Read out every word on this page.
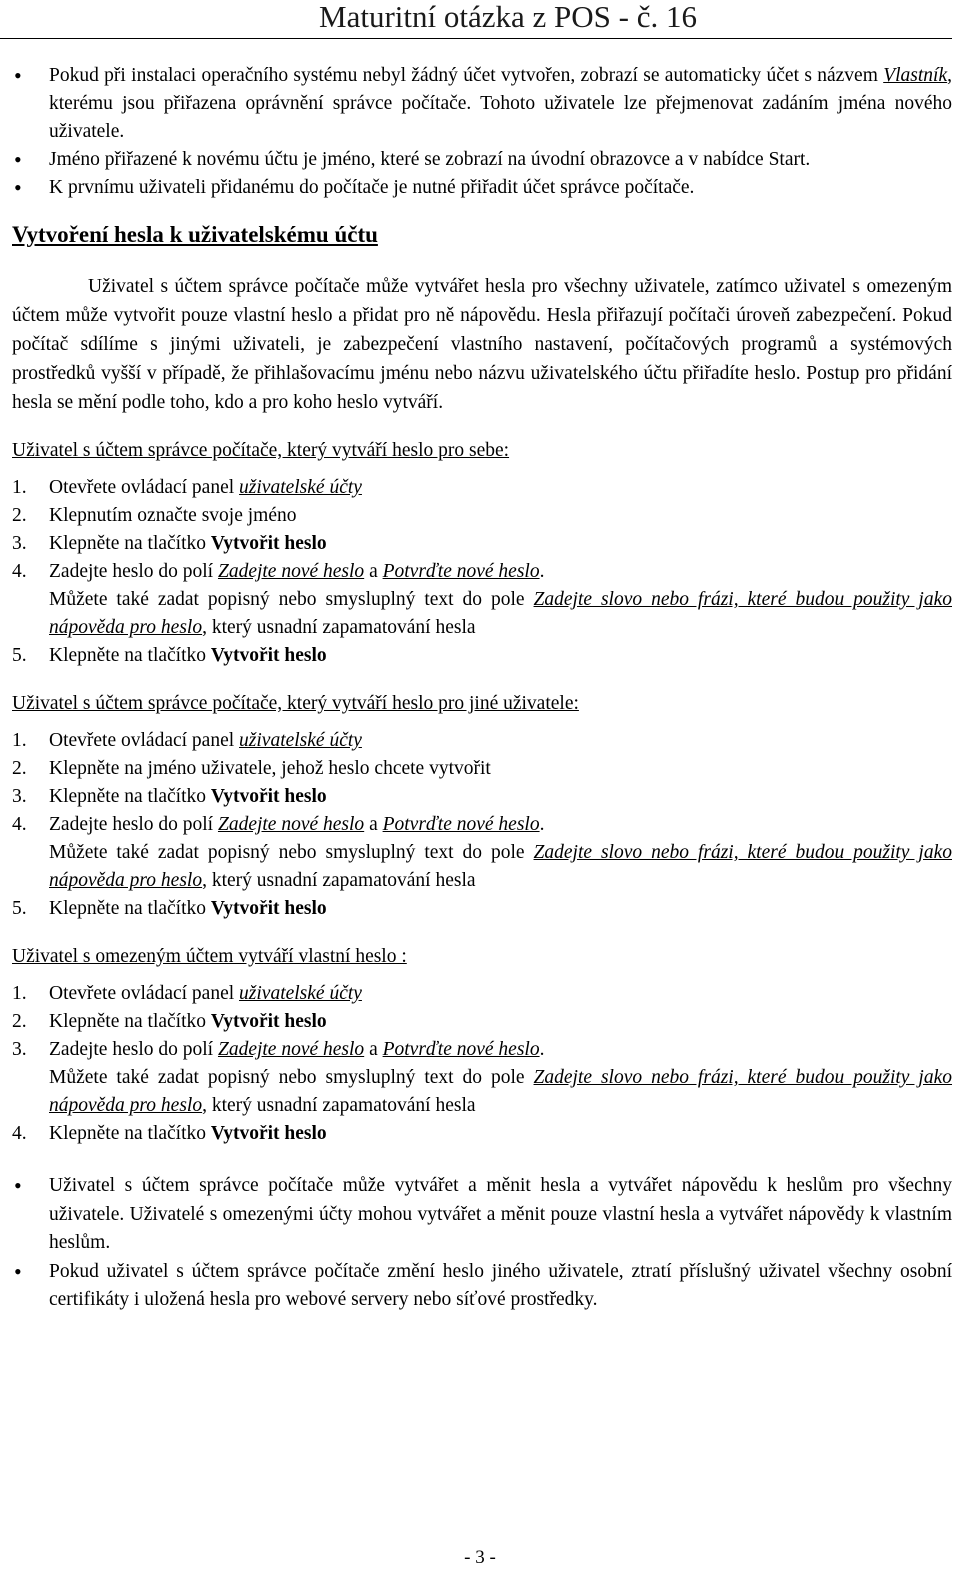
Maturitní otázka z POS - č. 16
• Pokud při instalaci operačního systému nebyl žádný účet vytvořen, zobrazí se automaticky účet s názvem Vlastník, kterému jsou přiřazena oprávnění správce počítače. Tohoto uživatele lze přejmenovat zadáním jména nového uživatele.
• Jméno přiřazené k novému účtu je jméno, které se zobrazí na úvodní obrazovce a v nabídce Start.
• K prvnímu uživateli přidanému do počítače je nutné přiřadit účet správce počítače.
Vytvoření hesla k uživatelskému účtu

Uživatel s účtem správce počítače může vytvářet hesla pro všechny uživatele, zatímco uživatel s omezeným účtem může vytvořit pouze vlastní heslo a přidat pro ně nápovědu. Hesla přiřazují počítači úroveň zabezpečení. Pokud počítač sdílíme s jinými uživateli, je zabezpečení vlastního nastavení, počítačových programů a systémových prostředků vyšší v případě, že přihlašovacímu jménu nebo názvu uživatelského účtu přiřadíte heslo. Postup pro přidání hesla se mění podle toho, kdo a pro koho heslo vytváří.

Uživatel s účtem správce počítače, který vytváří heslo pro sebe:
1. Otevřete ovládací panel uživatelské účty
2. Klepnutím označte svoje jméno
3. Klepněte na tlačítko Vytvořit heslo
4. Zadejte heslo do polí Zadejte nové heslo a Potvrďte nové heslo.
Můžete také zadat popisný nebo smysluplný text do pole Zadejte slovo nebo frázi, které budou použity jako nápověda pro heslo, který usnadní zapamatování hesla
5. Klepněte na tlačítko Vytvořit heslo
Uživatel s účtem správce počítače, který vytváří heslo pro jiné uživatele:
1. Otevřete ovládací panel uživatelské účty
2. Klepněte na jméno uživatele, jehož heslo chcete vytvořit
3. Klepněte na tlačítko Vytvořit heslo
4. Zadejte heslo do polí Zadejte nové heslo a Potvrďte nové heslo.
Můžete také zadat popisný nebo smysluplný text do pole Zadejte slovo nebo frázi, které budou použity jako nápověda pro heslo, který usnadní zapamatování hesla
5. Klepněte na tlačítko Vytvořit heslo
Uživatel s omezeným účtem vytváří vlastní heslo :
1. Otevřete ovládací panel uživatelské účty
2. Klepněte na tlačítko Vytvořit heslo
3. Zadejte heslo do polí Zadejte nové heslo a Potvrďte nové heslo.
Můžete také zadat popisný nebo smysluplný text do pole Zadejte slovo nebo frázi, které budou použity jako nápověda pro heslo, který usnadní zapamatování hesla
4. Klepněte na tlačítko Vytvořit heslo
• Uživatel s účtem správce počítače může vytvářet a měnit hesla a vytvářet nápovědu k heslům pro všechny uživatele. Uživatelé s omezenými účty mohou vytvářet a měnit pouze vlastní hesla a vytvářet nápovědy k vlastním heslům.
• Pokud uživatel s účtem správce počítače změní heslo jiného uživatele, ztratí příslušný uživatel všechny osobní certifikáty i uložená hesla pro webové servery nebo síťové prostředky.
- 3 -
